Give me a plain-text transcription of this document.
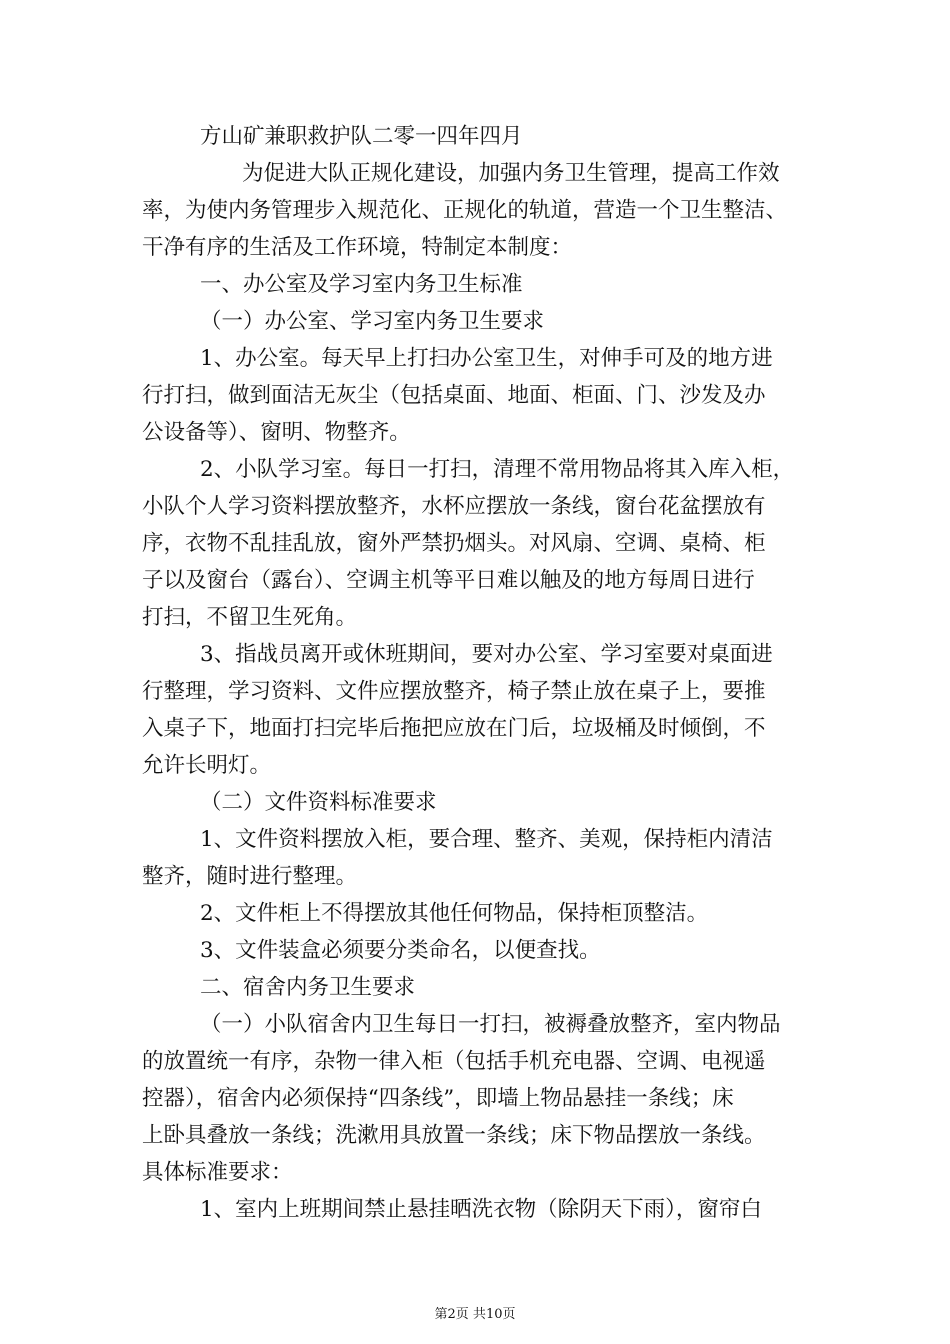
方山矿兼职救护队二零一四年四月
为促进大队正规化建设，加强内务卫生管理，提高工作效
率，为使内务管理步入规范化、正规化的轨道，营造一个卫生整洁、
干净有序的生活及工作环境，特制定本制度：
一、办公室及学习室内务卫生标准
（一）办公室、学习室内务卫生要求
1、办公室。每天早上打扫办公室卫生，对伸手可及的地方进
行打扫，做到面洁无灰尘（包括桌面、地面、柜面、门、沙发及办
公设备等）、窗明、物整齐。
2、小队学习室。每日一打扫，清理不常用物品将其入库入柜，
小队个人学习资料摆放整齐，水杯应摆放一条线，窗台花盆摆放有
序，衣物不乱挂乱放，窗外严禁扔烟头。对风扇、空调、桌椅、柜
子以及窗台（露台）、空调主机等平日难以触及的地方每周日进行
打扫，不留卫生死角。
3、指战员离开或休班期间，要对办公室、学习室要对桌面进
行整理，学习资料、文件应摆放整齐，椅子禁止放在桌子上，要推
入桌子下，地面打扫完毕后拖把应放在门后，垃圾桶及时倾倒，不
允许长明灯。
（二）文件资料标准要求
1、文件资料摆放入柜，要合理、整齐、美观，保持柜内清洁
整齐，随时进行整理。
2、文件柜上不得摆放其他任何物品，保持柜顶整洁。
3、文件装盒必须要分类命名，以便查找。
二、宿舍内务卫生要求
（一）小队宿舍内卫生每日一打扫，被褥叠放整齐，室内物品
的放置统一有序，杂物一律入柜（包括手机充电器、空调、电视遥
控器），宿舍内必须保持“四条线”，即墙上物品悬挂一条线；床
上卧具叠放一条线；洗漱用具放置一条线；床下物品摆放一条线。
具体标准要求：
1、室内上班期间禁止悬挂晒洗衣物（除阴天下雨），窗帘白
第2页 共10页
